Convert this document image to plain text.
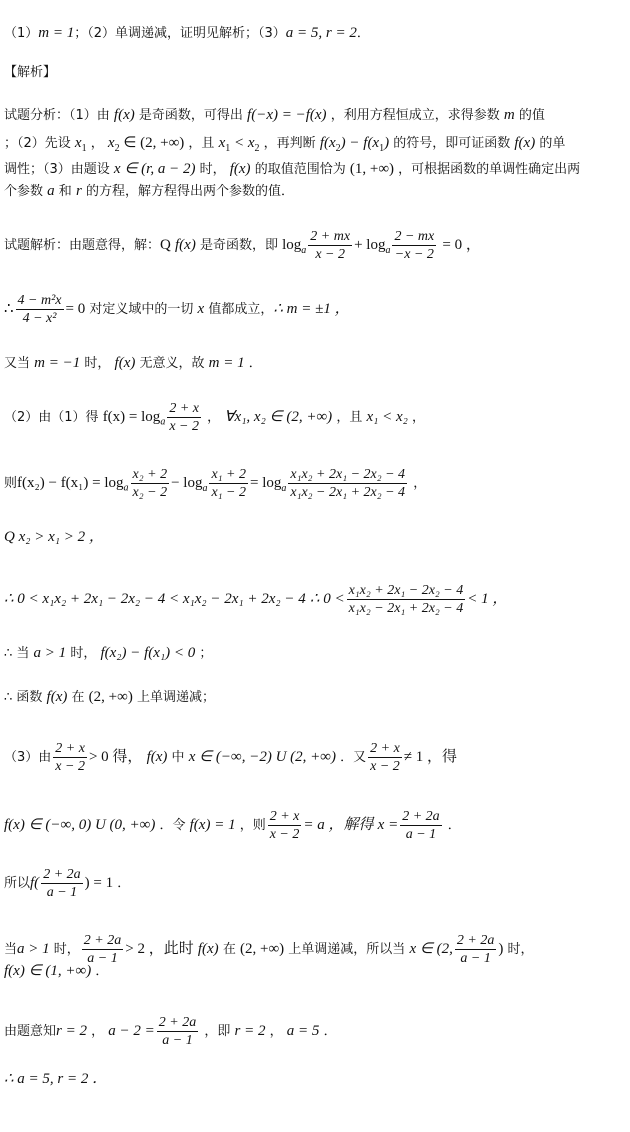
（1）m = 1；（2）单调递减，证明见解析；（3）a = 5, r = 2．
【解析】
试题分析：（1）由 f(x) 是奇函数，可得出 f(−x) = −f(x) ，利用方程恒成立，求得参数 m 的值
；（2）先设 $x_1$ ， $x_2$ ∈ (2, +∞) ，且 $x_1 < x_2$ ，再判断 $f(x_2) - f(x_1)$ 的符号，即可证函数 f(x) 的单
调性；（3）由题设 x ∈ (r, a − 2) 时， f(x) 的取值范围恰为 (1, +∞) ，可根据函数的单调性确定出两
个参数 a 和 r 的方程，解方程得出两个参数的值．
试题解析：由题意得，解：Q f(x) 是奇函数，即 $\log_a \frac{2 + mx}{x - 2} + \log_a \frac{2 - mx}{-x - 2} = 0$ ，
∴ $\frac{\text{4 − m²x}}{\text{4 − x²}} = 0$ 对定义域中的一切 x 值都成立，∴ m = ±1 ，
又当 m = −1 时， f(x) 无意义，故 m = 1 ．
（2）由（1）得 $f(x) = \log_a \frac{2 + x}{x - 2}$ ， ∀x₁, x₂ ∈ (2, +∞) ，且 x₁ < x₂ ，
则$f(x_2) - f(x_1) = \log_a \frac{\text{x₂ + 2}}{\text{x₂ − 2}} - \log_a \frac{\text{x₁ + 2}}{\text{x₁ − 2}} = \log_a \frac{\text{x₁x₂ + 2x₁ − 2x₂ − 4}}{\text{x₁x₂ − 2x₁ + 2x₂ − 4}}$ ，
Q x₂ > x₁ > 2 ，
∴ 0 < x₁x₂ + 2x₁ − 2x₂ − 4 < x₁x₂ − 2x₁ + 2x₂ − 4 ∴ $0 < \frac{\text{x₁x₂ + 2x₁ − 2x₂ − 4}}{\text{x₁x₂ − 2x₁ + 2x₂ − 4}} < 1$ ，
∴ 当 a > 1 时， f(x₂) − f(x₁) < 0 ；
∴ 函数 f(x) 在 (2, +∞) 上单调递减；
（3）由 $\frac{2 + x}{x - 2} > 0$ 得， f(x) 中 x ∈ (−∞, −2) U (2, +∞) ．又 $\frac{2 + x}{x - 2} \ne 1$ ，得
f(x) ∈ (−∞, 0) U (0, +∞) ．令 f(x) = 1 ，则 $\frac{2 + x}{x - 2} = a$ ，解得 $x = \frac{2 + 2a}{a - 1}$ ．
所以$f( \frac{2 + 2a}{a - 1}$ ) = 1 ．
当a > 1 时， $\frac{2 + 2a}{a - 1} > 2$ ，此时 f(x) 在 (2, +∞) 上单调递减，所以当 x ∈ (2, $\frac{2 + 2a}{a - 1}$ ) 时，
f(x) ∈ (1, +∞) ．
由题意知r = 2 ， $a - 2 = \frac{2 + 2a}{a - 1}$ ，即 r = 2 ， a = 5 ．
∴ a = 5, r = 2 ．
